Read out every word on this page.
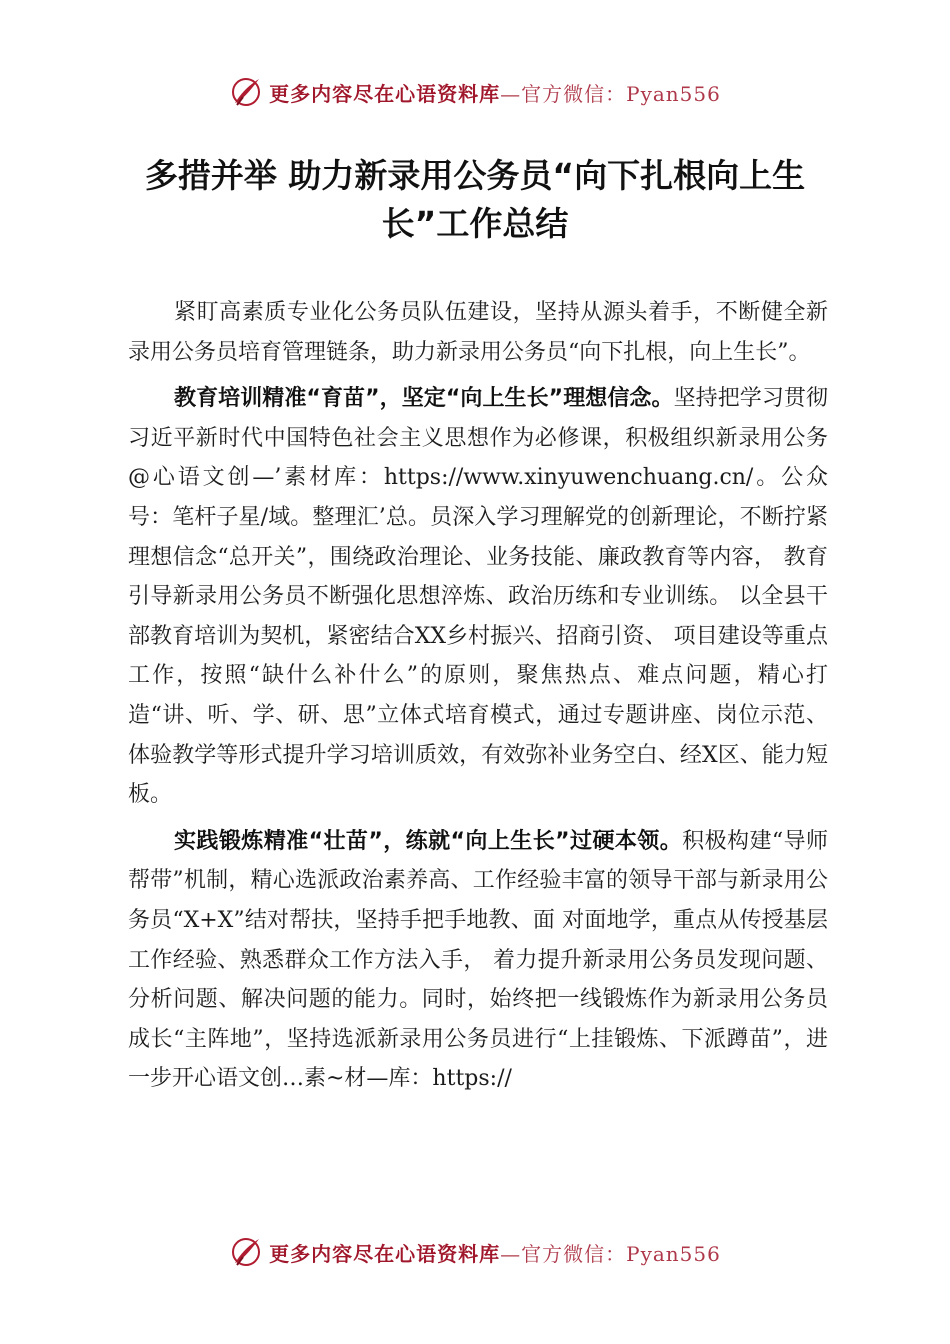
更多内容尽在心语资料库 —官方微信：Pyan556
多措并举 助力新录用公务员“向下扎根向上生长”工作总结

紧盯高素质专业化公务员队伍建设，坚持从源头着手，不断健全新录用公务员培育管理链条，助力新录用公务员“向下扎根，向上生长”。

教育培训精准“育苗”，坚定“向上生长”理想信念。坚持把学习贯彻习近平新时代中国特色社会主义思想作为必修课，积极组织新录用公务@心语文创—’素材库：https://www.xinyuwenchuang.cn/。公众号：笔杆子星/域。整理汇’总。员深入学习理解党的创新理论，不断拧紧理想信念“总开关”，围绕政治理论、业务技能、廉政教育等内容， 教育引导新录用公务员不断强化思想淬炼、政治历练和专业训练。 以全县干部教育培训为契机，紧密结合XX乡村振兴、招商引资、 项目建设等重点工作，按照“缺什么补什么”的原则，聚焦热点、难点问题，精心打造“讲、听、学、研、思”立体式培育模式，通过专题讲座、岗位示范、体验教学等形式提升学习培训质效，有效弥补业务空白、经X区、能力短板。

实践锻炼精准“壮苗”，练就“向上生长”过硬本领。积极构建“导师帮带”机制，精心选派政治素养高、工作经验丰富的领导干部与新录用公务员“X+X”结对帮扶，坚持手把手地教、面 对面地学，重点从传授基层工作经验、熟悉群众工作方法入手， 着力提升新录用公务员发现问题、分析问题、解决问题的能力。同时，始终把一线锻炼作为新录用公务员成长“主阵地”，坚持选派新录用公务员进行“上挂锻炼、下派蹲苗”，进一步开心语文创…素~材—库：https://

更多内容尽在心语资料库 —官方微信：Pyan556
